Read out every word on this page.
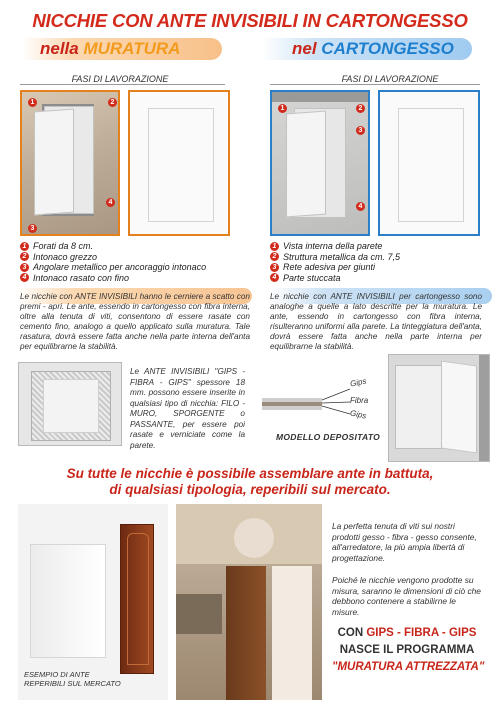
NICCHIE CON ANTE INVISIBILI IN CARTONGESSO
nella MURATURA	nel CARTONGESSO
FASI DI LAVORAZIONE	FASI DI LAVORAZIONE
1	2
3
4
1	2
3
4
1 Forati da 8 cm.
2 Intonaco grezzo
3 Angolare metallico per ancoraggio intonaco
4 Intonaco rasato con fino
1 Vista interna della parete
2 Struttura metallica da cm. 7,5
3 Rete adesiva per giunti
4 Parte stuccata
Le nicchie con ANTE INVISIBILI hanno le cerniere a scatto con premi - apri. Le ante, essendo in cartongesso con fibra interna, oltre alla tenuta di viti, consentono di essere rasate con cemento fino, analogo a quello applicato sulla muratura. Tale rasatura, dovrà essere fatta anche nella parte interna dell'anta per equilibrarne la stabilità.
Le nicchie con ANTE INVISIBILI per cartongesso sono analoghe a quelle a lato descritte per la muratura. Le ante, essendo in cartongesso con fibra interna, risulteranno uniformi alla parete. La tinteggiatura dell'anta, dovrà essere fatta anche nella parte interna per equilibrarne la stabilità.
Le ANTE INVISIBILI "GIPS - FIBRA - GIPS" spessore 18 mm. possono essere inserite in qualsiasi tipo di nicchia: FILO - MURO, SPORGENTE o PASSANTE, per essere poi rasate e verniciate come la parete.
Gips
Fibra
Gips
MODELLO DEPOSITATO
Su tutte le nicchie è possibile assemblare ante in battuta,
di qualsiasi tipologia, reperibili sul mercato.
ESEMPIO DI ANTE
REPERIBILI SUL MERCATO
La perfetta tenuta di viti sui nostri prodotti gesso - fibra - gesso consente, all'arredatore, la più ampia libertà di progettazione.
Poiché le nicchie vengono prodotte su misura, saranno le dimensioni di ciò che debbono contenere a stabilirne le misure.
CON GIPS - FIBRA - GIPS
NASCE IL PROGRAMMA
"MURATURA ATTREZZATA"
